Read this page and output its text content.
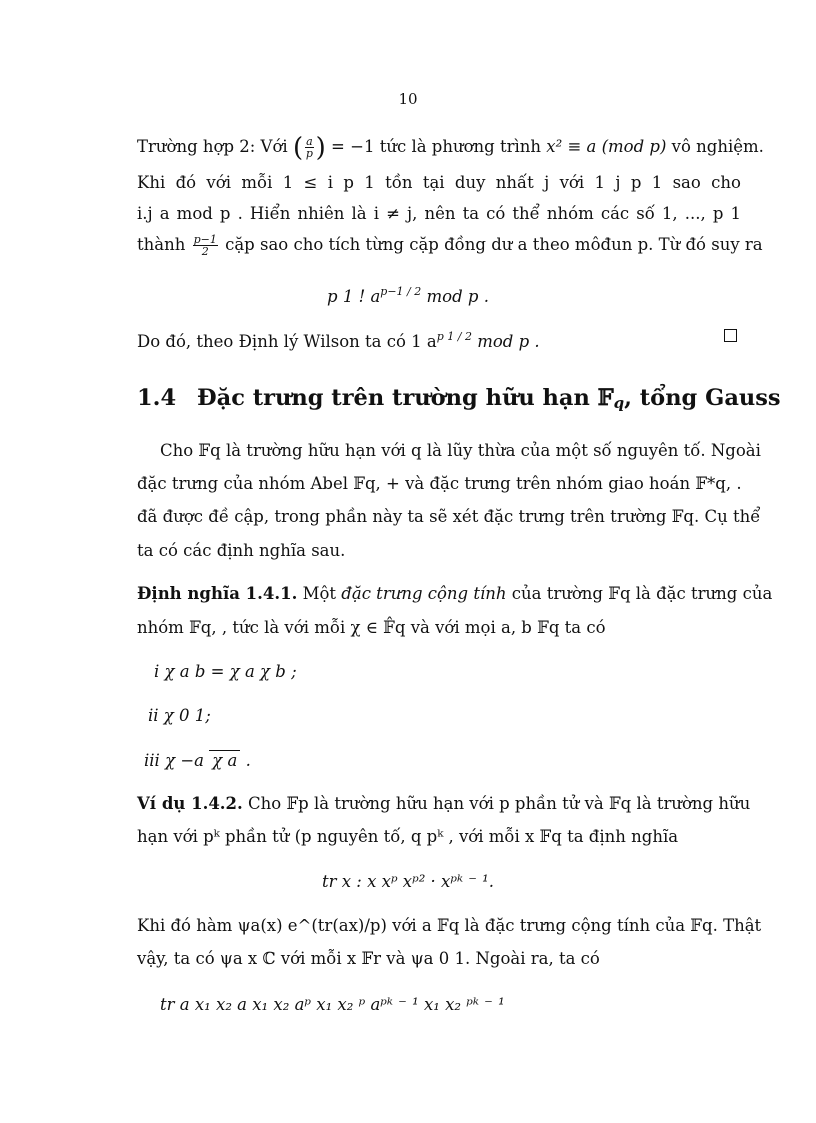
10
Trường hợp 2: Với ( $\frac{a}{p}$ ) = −1 tức là phương trình x² ≡ a (mod p) vô nghiệm.
Khi đó với mỗi 1 ≤ i p 1 tồn tại duy nhất j với 1 j p 1 sao cho
i.j a mod p . Hiển nhiên là i ≠ j, nên ta có thể nhóm các số 1, ..., p 1
thành $\frac{p-1}{2}$ cặp sao cho tích từng cặp đồng dư a theo môđun p. Từ đó suy ra
p 1 ! $a^{p-1 / 2}$ mod p .
Do đó, theo Định lý Wilson ta có 1 $a^{p 1 / 2}$ mod p .
1.4 Đặc trưng trên trường hữu hạn 𝔽$_q$, tổng Gauss
Cho 𝔽q là trường hữu hạn với q là lũy thừa của một số nguyên tố. Ngoài
đặc trưng của nhóm Abel 𝔽q, + và đặc trưng trên nhóm giao hoán 𝔽*q, .
đã được đề cập, trong phần này ta sẽ xét đặc trưng trên trường 𝔽q. Cụ thể
ta có các định nghĩa sau.
Định nghĩa 1.4.1. Một đặc trưng cộng tính của trường 𝔽q là đặc trưng của
nhóm 𝔽q, , tức là với mỗi χ ∈ 𝔽̂q và với mọi a, b 𝔽q ta có
i χ a b = χ a χ b ;
ii χ 0 1;
iii χ −a χ a .
Ví dụ 1.4.2. Cho 𝔽p là trường hữu hạn với p phần tử và 𝔽q là trường hữu
hạn với pᵏ phần tử (p nguyên tố, q pᵏ , với mỗi x 𝔽q ta định nghĩa
tr x : x xᵖ xᵖ² · xᵖᵏ ⁻ ¹.
Khi đó hàm ψa(x) e^(tr(ax)/p) với a 𝔽q là đặc trưng cộng tính của 𝔽q. Thật
vậy, ta có ψa x ℂ với mỗi x 𝔽r và ψa 0 1. Ngoài ra, ta có
tr a x₁ x₂ a x₁ x₂ aᵖ x₁ x₂ ᵖ aᵖᵏ ⁻ ¹ x₁ x₂ ᵖᵏ ⁻ ¹
